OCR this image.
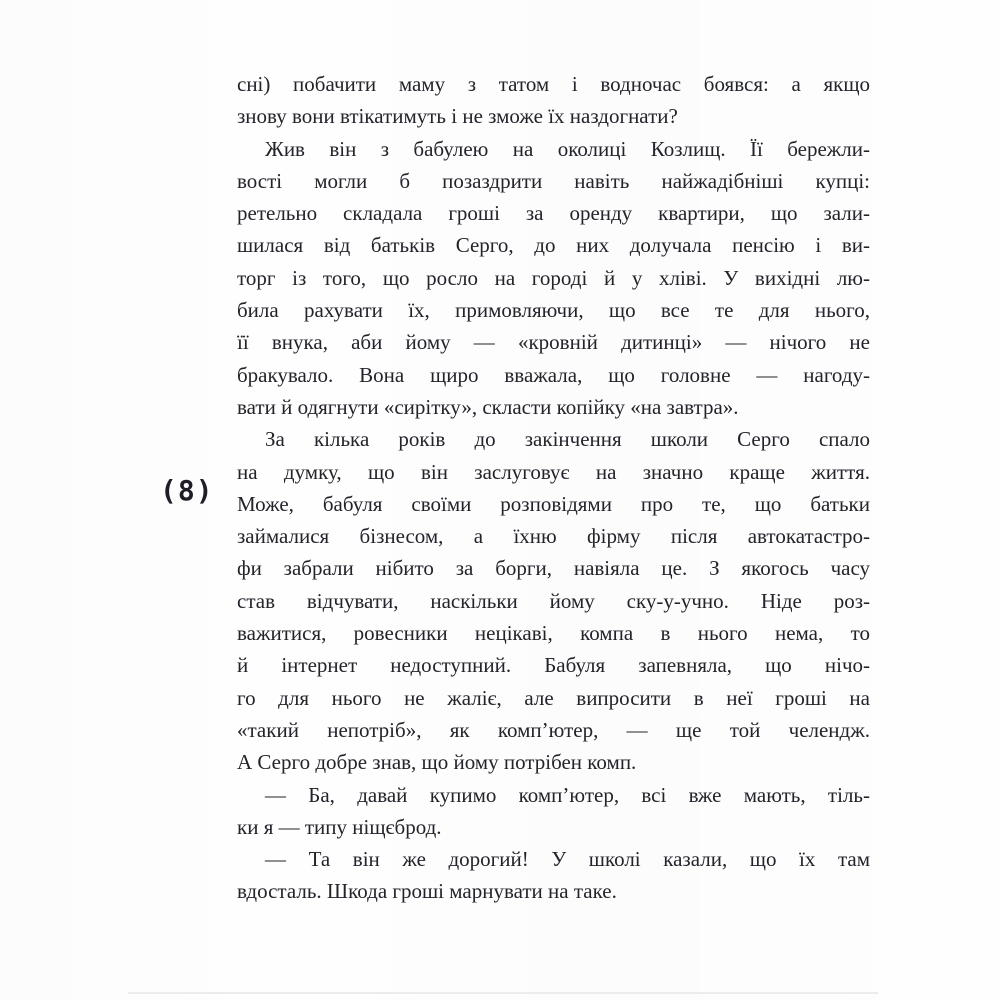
(8)

сні) побачити маму з татом і водночас боявся: а якщо
знову вони втікатимуть і не зможе їх наздогнати?

Жив він з бабулею на околиці Козлищ. Її бережли-
вості могли б позаздрити навіть найжадібніші купці:
ретельно складала гроші за оренду квартири, що зали-
шилася від батьків Серго, до них долучала пенсію і ви-
торг із того, що росло на городі й у хліві. У вихідні лю-
била рахувати їх, примовляючи, що все те для нього,
її внука, аби йому — «кровній дитинці» — нічого не
бракувало. Вона щиро вважала, що головне — нагоду-
вати й одягнути «сирітку», скласти копійку «на завтра».

За кілька років до закінчення школи Серго спало
на думку, що він заслуговує на значно краще життя.
Може, бабуля своїми розповідями про те, що батьки
займалися бізнесом, а їхню фірму після автокатастро-
фи забрали нібито за борги, навіяла це. З якогось часу
став відчувати, наскільки йому ску-у-учно. Ніде роз-
важитися, ровесники нецікаві, компа в нього нема, то
й інтернет недоступний. Бабуля запевняла, що нічо-
го для нього не жаліє, але випросити в неї гроші на
«такий непотріб», як комп’ютер, — ще той челендж.
А Серго добре знав, що йому потрібен комп.

— Ба, давай купимо комп’ютер, всі вже мають, тіль-
ки я — типу ніщєброд.

— Та він же дорогий! У школі казали, що їх там
вдосталь. Шкода гроші марнувати на таке.
